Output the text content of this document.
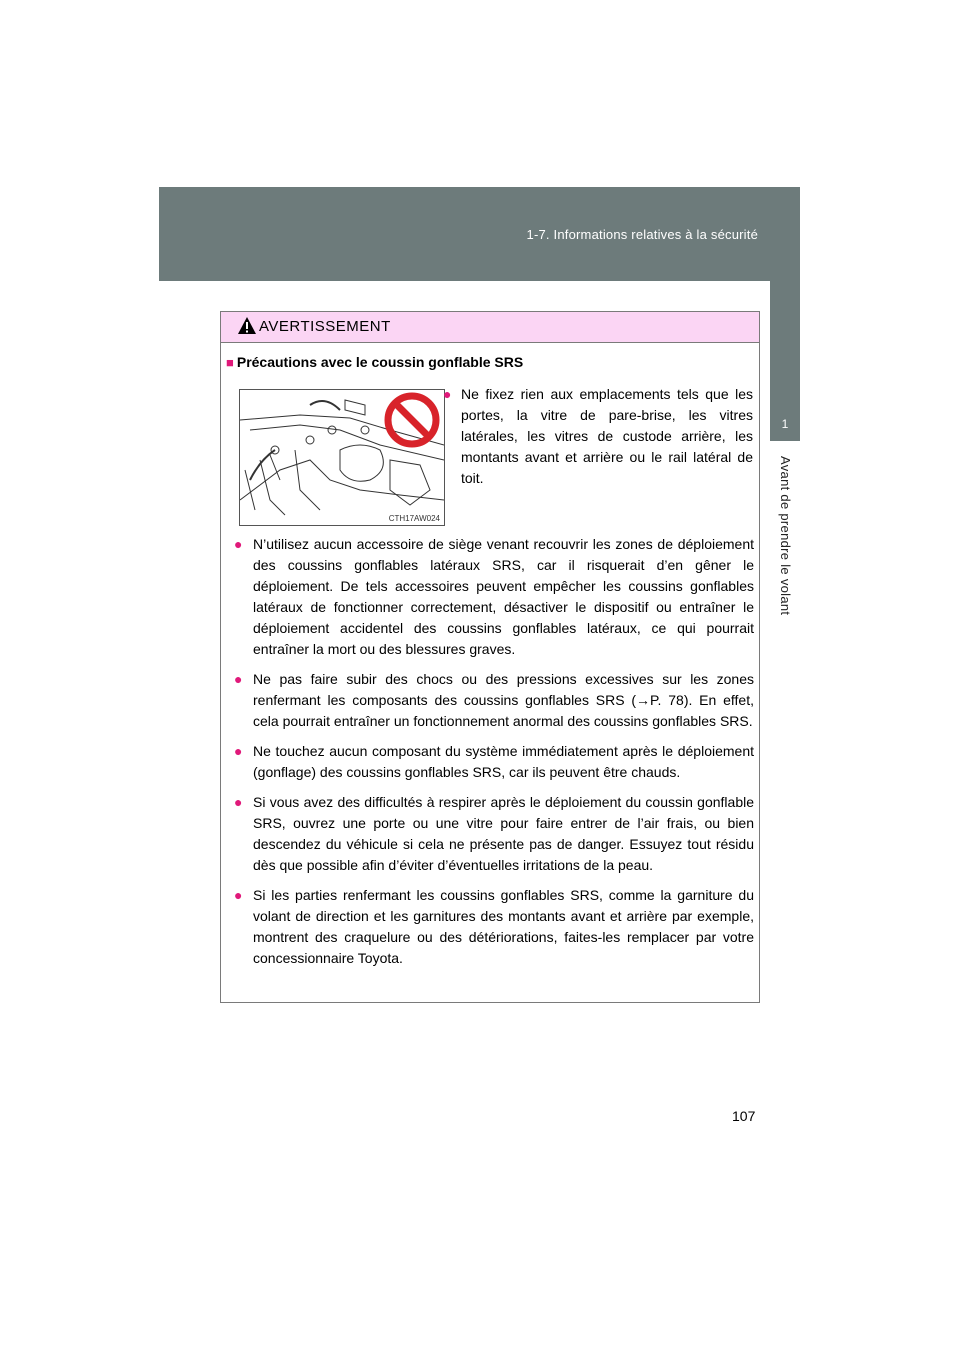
1-7. Informations relatives à la sécurité
1
Avant de prendre le volant
AVERTISSEMENT
■ Précautions avec le coussin gonflable SRS
CTH17AW024
● Ne fixez rien aux emplacements tels que les portes, la vitre de pare-brise, les vitres latérales, les vitres de custode arrière, les montants avant et arrière ou le rail latéral de toit.
● N’utilisez aucun accessoire de siège venant recouvrir les zones de déploiement des coussins gonflables latéraux SRS, car il risquerait d’en gêner le déploiement. De tels accessoires peuvent empêcher les coussins gonflables latéraux de fonctionner correctement, désactiver le dispositif ou entraîner le déploiement accidentel des coussins gonflables latéraux, ce qui pourrait entraîner la mort ou des blessures graves.
● Ne pas faire subir des chocs ou des pressions excessives sur les zones renfermant les composants des coussins gonflables SRS (→P. 78). En effet, cela pourrait entraîner un fonctionnement anormal des coussins gonflables SRS.
● Ne touchez aucun composant du système immédiatement après le déploiement (gonflage) des coussins gonflables SRS, car ils peuvent être chauds.
● Si vous avez des difficultés à respirer après le déploiement du coussin gonflable SRS, ouvrez une porte ou une vitre pour faire entrer de l’air frais, ou bien descendez du véhicule si cela ne présente pas de danger. Essuyez tout résidu dès que possible afin d’éviter d’éventuelles irritations de la peau.
● Si les parties renfermant les coussins gonflables SRS, comme la garniture du volant de direction et les garnitures des montants avant et arrière par exemple, montrent des craquelure ou des détériorations, faites-les remplacer par votre concessionnaire Toyota.
107
